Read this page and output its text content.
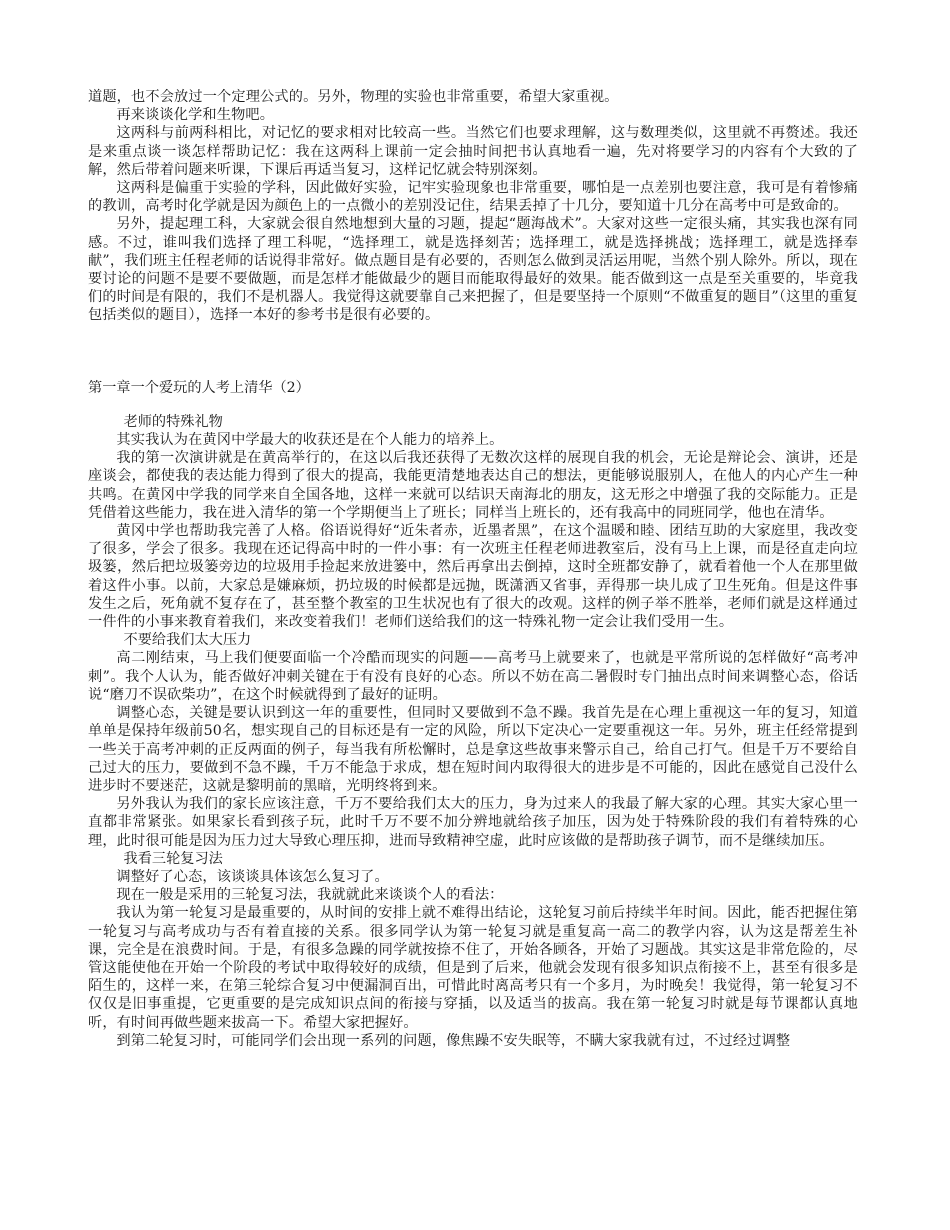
道题，也不会放过一个定理公式的。另外，物理的实验也非常重要，希望大家重视。

再来谈谈化学和生物吧。

这两科与前两科相比，对记忆的要求相对比较高一些。当然它们也要求理解，这与数理类似，这里就不再赘述。我还是来重点谈一谈怎样帮助记忆：我在这两科上课前一定会抽时间把书认真地看一遍，先对将要学习的内容有个大致的了解，然后带着问题来听课，下课后再适当复习，这样记忆就会特别深刻。

这两科是偏重于实验的学科，因此做好实验，记牢实验现象也非常重要，哪怕是一点差别也要注意，我可是有着惨痛的教训，高考时化学就是因为颜色上的一点微小的差别没记住，结果丢掉了十几分，要知道十几分在高考中可是致命的。

另外，提起理工科，大家就会很自然地想到大量的习题，提起“题海战术”。大家对这些一定很头痛，其实我也深有同感。不过，谁叫我们选择了理工科呢，“选择理工，就是选择刻苦；选择理工，就是选择挑战；选择理工，就是选择奉献”，我们班主任程老师的话说得非常好。做点题目是有必要的，否则怎么做到灵活运用呢，当然个别人除外。所以，现在要讨论的问题不是要不要做题，而是怎样才能做最少的题目而能取得最好的效果。能否做到这一点是至关重要的，毕竟我们的时间是有限的，我们不是机器人。我觉得这就要靠自己来把握了，但是要坚持一个原则“不做重复的题目”（这里的重复包括类似的题目），选择一本好的参考书是很有必要的。

第一章一个爱玩的人考上清华（2）

老师的特殊礼物

其实我认为在黄冈中学最大的收获还是在个人能力的培养上。

我的第一次演讲就是在黄高举行的，在这以后我还获得了无数次这样的展现自我的机会，无论是辩论会、演讲，还是座谈会，都使我的表达能力得到了很大的提高，我能更清楚地表达自己的想法，更能够说服别人，在他人的内心产生一种共鸣。在黄冈中学我的同学来自全国各地，这样一来就可以结识天南海北的朋友，这无形之中增强了我的交际能力。正是凭借着这些能力，我在进入清华的第一个学期便当上了班长；同样当上班长的，还有我高中的同班同学，他也在清华。

黄冈中学也帮助我完善了人格。俗语说得好“近朱者赤，近墨者黑”，在这个温暖和睦、团结互助的大家庭里，我改变了很多，学会了很多。我现在还记得高中时的一件小事：有一次班主任程老师进教室后，没有马上上课，而是径直走向垃圾篓，然后把垃圾篓旁边的垃圾用手捡起来放进篓中，然后再拿出去倒掉，这时全班都安静了，就看着他一个人在那里做着这件小事。以前，大家总是嫌麻烦，扔垃圾的时候都是远抛，既潇洒又省事，弄得那一块儿成了卫生死角。但是这件事发生之后，死角就不复存在了，甚至整个教室的卫生状况也有了很大的改观。这样的例子举不胜举，老师们就是这样通过一件件的小事来教育着我们，来改变着我们！老师们送给我们的这一特殊礼物一定会让我们受用一生。

不要给我们太大压力

高二刚结束，马上我们便要面临一个冷酷而现实的问题——高考马上就要来了，也就是平常所说的怎样做好“高考冲刺”。我个人认为，能否做好冲刺关键在于有没有良好的心态。所以不妨在高二暑假时专门抽出点时间来调整心态，俗话说“磨刀不误砍柴功”，在这个时候就得到了最好的证明。

调整心态，关键是要认识到这一年的重要性，但同时又要做到不急不躁。我首先是在心理上重视这一年的复习，知道单单是保持年级前50名，想实现自己的目标还是有一定的风险，所以下定决心一定要重视这一年。另外，班主任经常提到一些关于高考冲刺的正反两面的例子，每当我有所松懈时，总是拿这些故事来警示自己，给自己打气。但是千万不要给自己过大的压力，要做到不急不躁，千万不能急于求成，想在短时间内取得很大的进步是不可能的，因此在感觉自己没什么进步时不要迷茫，这就是黎明前的黑暗，光明终将到来。

另外我认为我们的家长应该注意，千万不要给我们太大的压力，身为过来人的我最了解大家的心理。其实大家心里一直都非常紧张。如果家长看到孩子玩，此时千万不要不加分辨地就给孩子加压，因为处于特殊阶段的我们有着特殊的心理，此时很可能是因为压力过大导致心理压抑，进而导致精神空虚，此时应该做的是帮助孩子调节，而不是继续加压。

我看三轮复习法

调整好了心态，该谈谈具体该怎么复习了。

现在一般是采用的三轮复习法，我就就此来谈谈个人的看法：

我认为第一轮复习是最重要的，从时间的安排上就不难得出结论，这轮复习前后持续半年时间。因此，能否把握住第一轮复习与高考成功与否有着直接的关系。很多同学认为第一轮复习就是重复高一高二的教学内容，认为这是帮差生补课，完全是在浪费时间。于是，有很多急躁的同学就按捺不住了，开始各顾各，开始了习题战。其实这是非常危险的，尽管这能使他在开始一个阶段的考试中取得较好的成绩，但是到了后来，他就会发现有很多知识点衔接不上，甚至有很多是陌生的，这样一来，在第三轮综合复习中便漏洞百出，可惜此时离高考只有一个多月，为时晚矣！我觉得，第一轮复习不仅仅是旧事重提，它更重要的是完成知识点间的衔接与穿插，以及适当的拔高。我在第一轮复习时就是每节课都认真地听，有时间再做些题来拔高一下。希望大家把握好。

到第二轮复习时，可能同学们会出现一系列的问题，像焦躁不安失眠等，不瞒大家我就有过，不过经过调整
